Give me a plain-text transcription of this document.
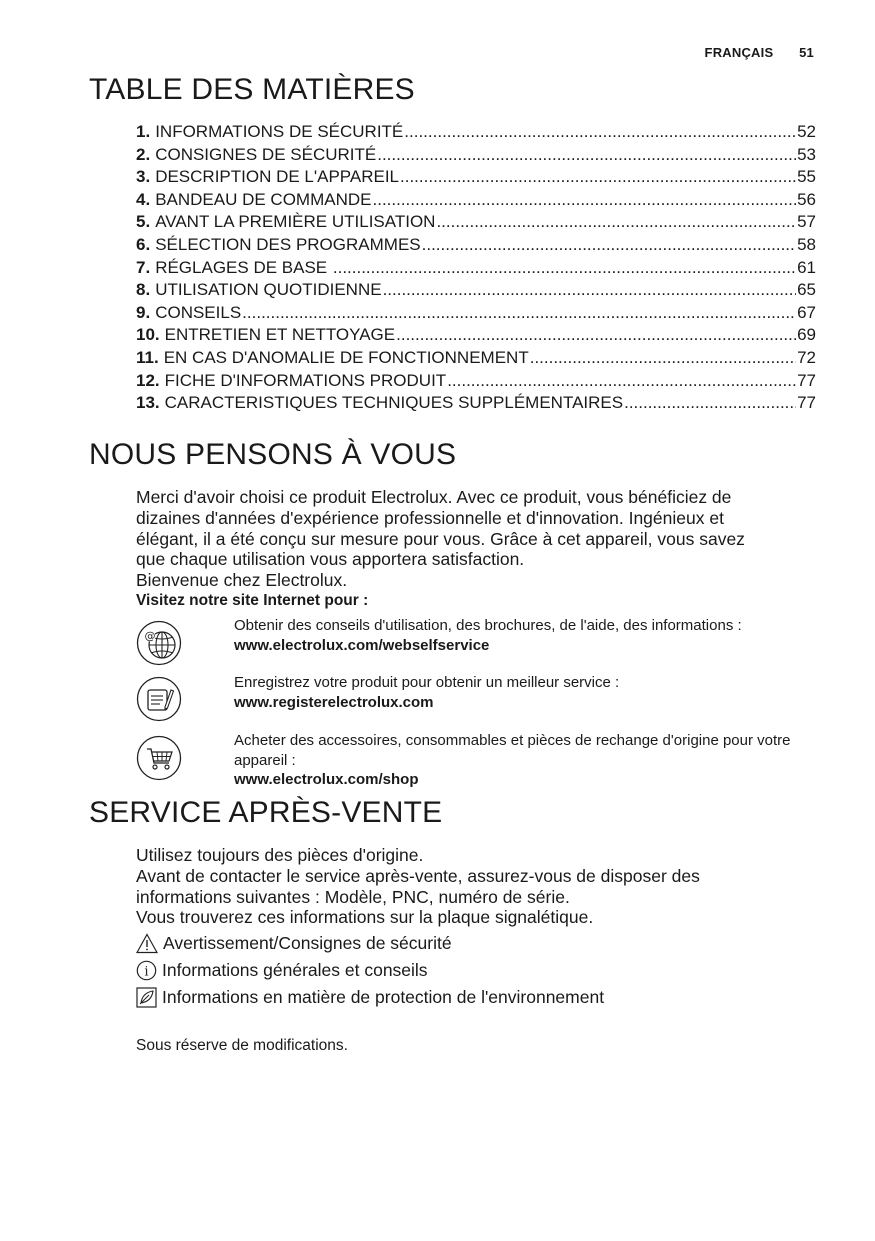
FRANÇAIS 51
TABLE DES MATIÈRES
1. INFORMATIONS DE SÉCURITÉ .....	52
2. CONSIGNES DE SÉCURITÉ .....	53
3. DESCRIPTION DE L'APPAREIL .....	55
4. BANDEAU DE COMMANDE .....	56
5. AVANT LA PREMIÈRE UTILISATION .....	57
6. SÉLECTION DES PROGRAMMES .....	58
7. RÉGLAGES DE BASE .....	61
8. UTILISATION QUOTIDIENNE .....	65
9. CONSEILS .....	67
10. ENTRETIEN ET NETTOYAGE .....	69
11. EN CAS D'ANOMALIE DE FONCTIONNEMENT .....	72
12. FICHE D'INFORMATIONS PRODUIT .....	77
13. CARACTERISTIQUES TECHNIQUES SUPPLÉMENTAIRES .....	77
NOUS PENSONS À VOUS

Merci d'avoir choisi ce produit Electrolux. Avec ce produit, vous bénéficiez de

dizaines d'années d'expérience professionnelle et d'innovation. Ingénieux et

élégant, il a été conçu sur mesure pour vous. Grâce à cet appareil, vous savez

que chaque utilisation vous apportera satisfaction.

Bienvenue chez Electrolux.

Visitez notre site Internet pour :

@
Obtenir des conseils d'utilisation, des brochures, de l'aide, des informations :
www.electrolux.com/webselfservice
Enregistrez votre produit pour obtenir un meilleur service :
www.registerelectrolux.com
Acheter des accessoires, consommables et pièces de rechange d'origine pour votre appareil :
www.electrolux.com/shop
SERVICE APRÈS-VENTE

Utilisez toujours des pièces d'origine.

Avant de contacter le service après-vente, assurez-vous de disposer des

informations suivantes : Modèle, PNC, numéro de série.

Vous trouverez ces informations sur la plaque signalétique.

Avertissement/Consignes de sécurité
i Informations générales et conseils
Informations en matière de protection de l'environnement
Sous réserve de modifications.
